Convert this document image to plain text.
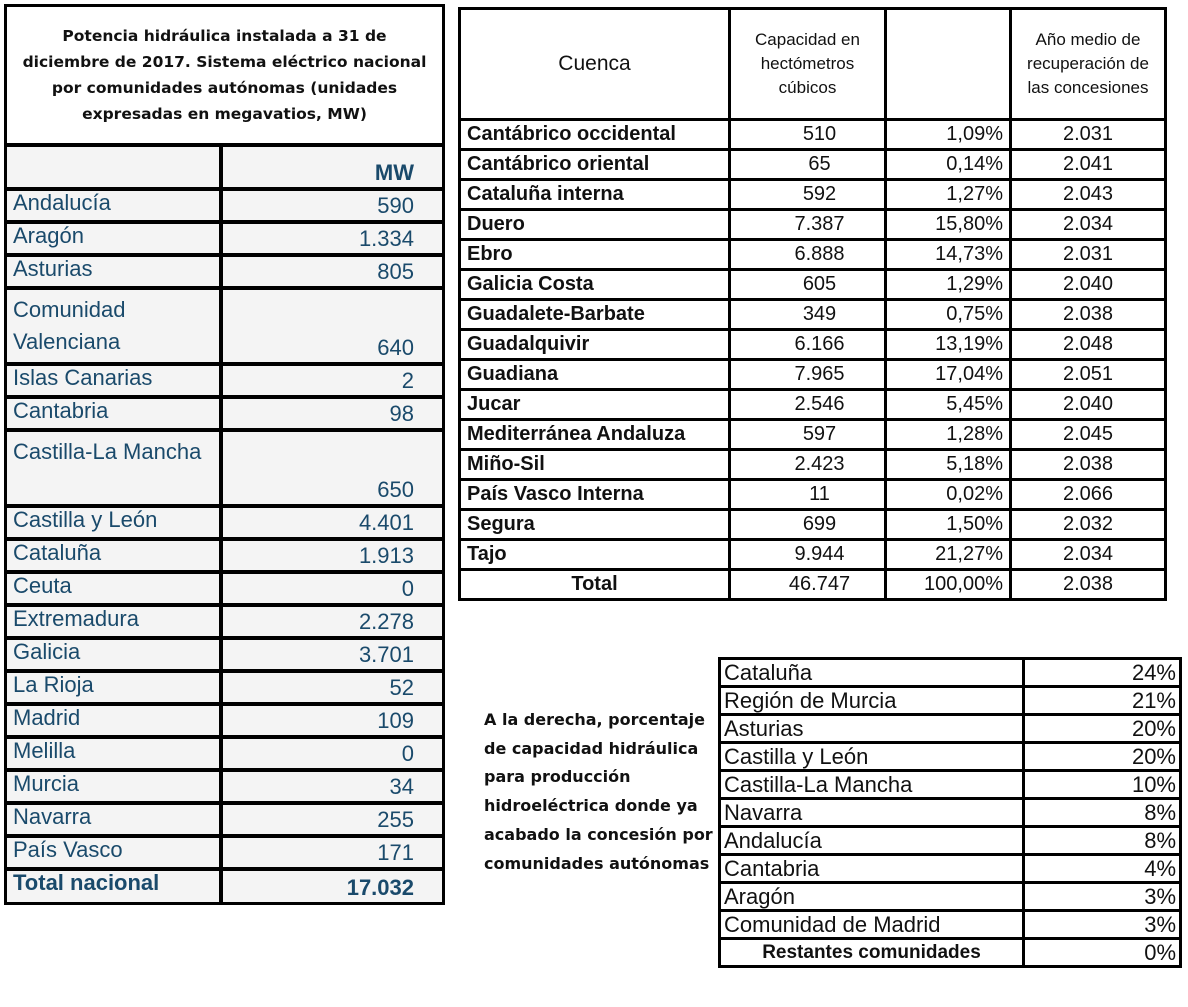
Potencia hidráulica instalada a 31 de diciembre de 2017. Sistema eléctrico nacional por comunidades autónomas (unidades expresadas en megavatios, MW)
	MW
Andalucía	590
Aragón	1.334
Asturias	805
Comunidad Valenciana	640
Islas Canarias	2
Cantabria	98
Castilla-La Mancha	650
Castilla y León	4.401
Cataluña	1.913
Ceuta	0
Extremadura	2.278
Galicia	3.701
La Rioja	52
Madrid	109
Melilla	0
Murcia	34
Navarra	255
País Vasco	171
Total nacional	17.032
Cuenca	Capacidad en hectómetros cúbicos		Año medio de recuperación de las concesiones
Cantábrico occidental	510	1,09%	2.031
Cantábrico oriental	65	0,14%	2.041
Cataluña interna	592	1,27%	2.043
Duero	7.387	15,80%	2.034
Ebro	6.888	14,73%	2.031
Galicia Costa	605	1,29%	2.040
Guadalete-Barbate	349	0,75%	2.038
Guadalquivir	6.166	13,19%	2.048
Guadiana	7.965	17,04%	2.051
Jucar	2.546	5,45%	2.040
Mediterránea Andaluza	597	1,28%	2.045
Miño-Sil	2.423	5,18%	2.038
País Vasco Interna	11	0,02%	2.066
Segura	699	1,50%	2.032
Tajo	9.944	21,27%	2.034
Total	46.747	100,00%	2.038
A la derecha, porcentaje de capacidad hidráulica para producción hidroeléctrica donde ya acabado la concesión por comunidades autónomas
Cataluña	24%
Región de Murcia	21%
Asturias	20%
Castilla y León	20%
Castilla-La Mancha	10%
Navarra	8%
Andalucía	8%
Cantabria	4%
Aragón	3%
Comunidad de Madrid	3%
Restantes comunidades	0%
